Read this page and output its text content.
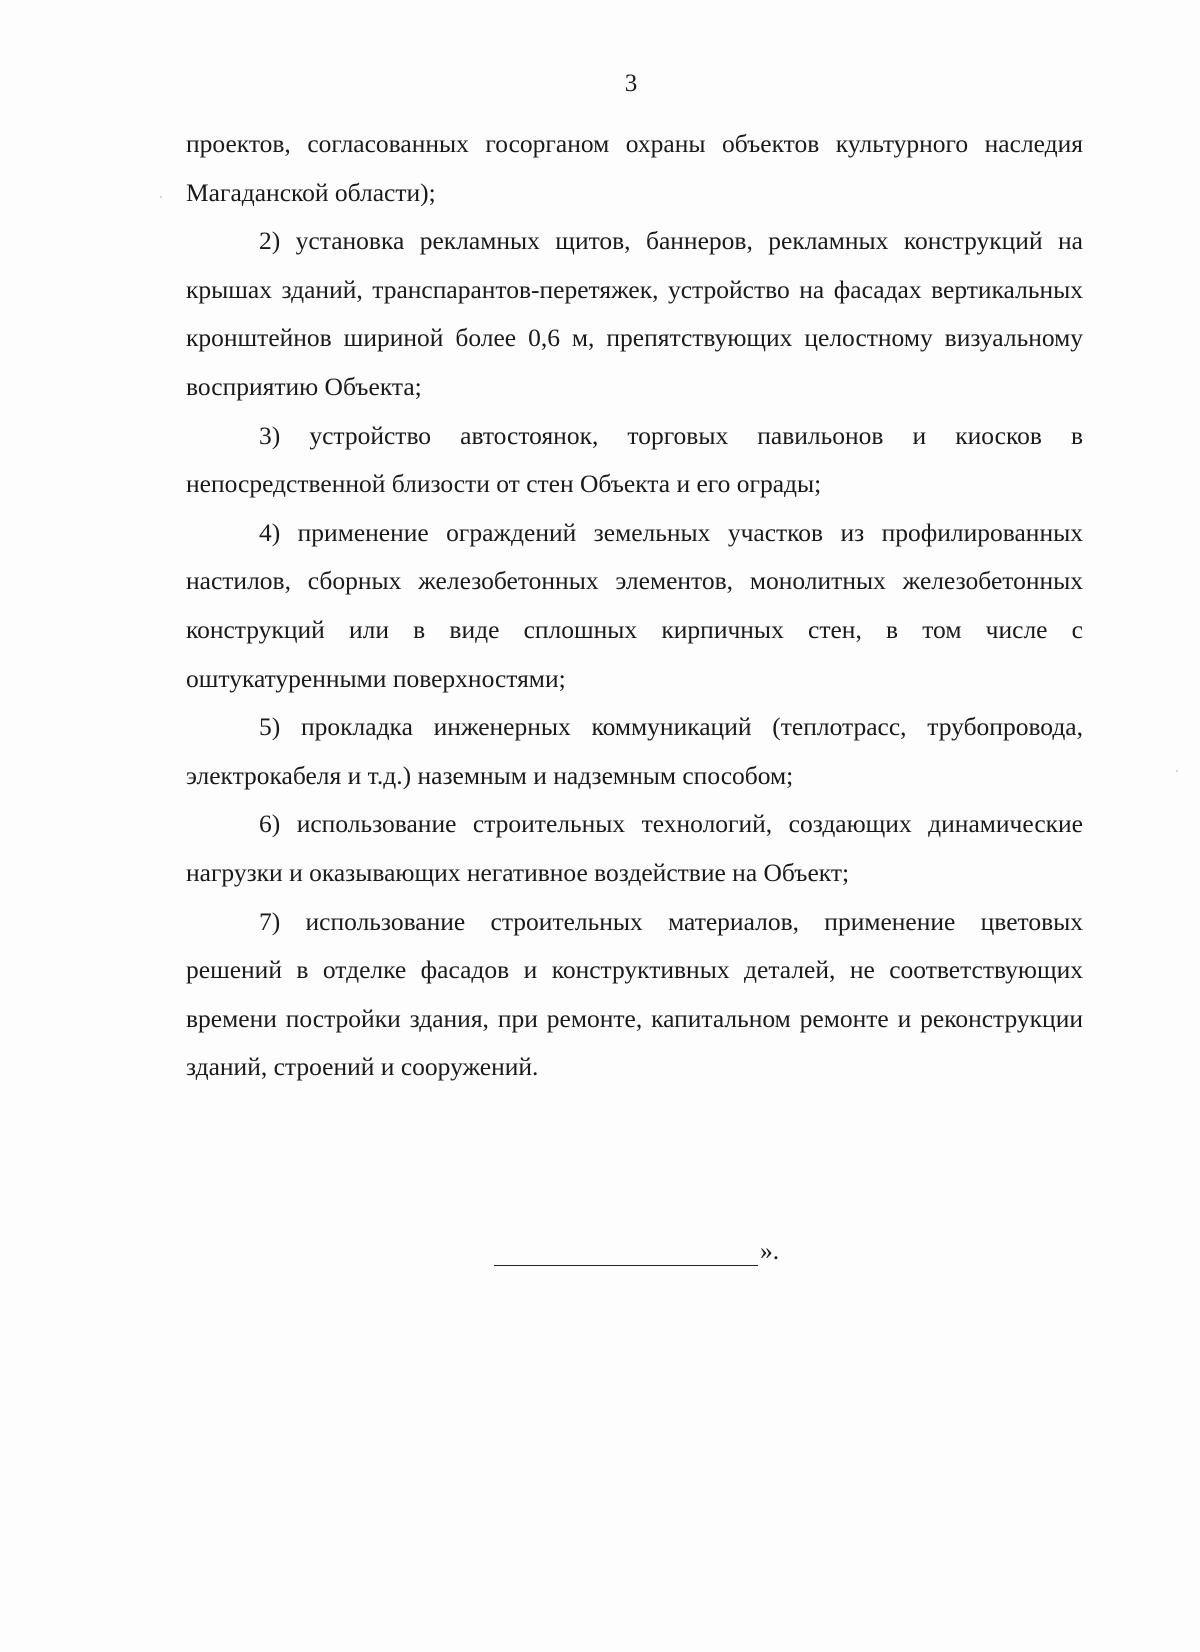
3

проектов, согласованных госорганом охраны объектов культурного наследия Магаданской области);

2) установка рекламных щитов, баннеров, рекламных конструкций на крышах зданий, транспарантов-перетяжек, устройство на фасадах вертикальных кронштейнов шириной более 0,6 м, препятствующих целостному визуальному восприятию Объекта;

3) устройство автостоянок, торговых павильонов и киосков в непосредственной близости от стен Объекта и его ограды;

4) применение ограждений земельных участков из профилированных настилов, сборных железобетонных элементов, монолитных железобетонных конструкций или в виде сплошных кирпичных стен, в том числе с оштукатуренными поверхностями;

5) прокладка инженерных коммуникаций (теплотрасс, трубопровода, электрокабеля и т.д.) наземным и надземным способом;

6) использование строительных технологий, создающих динамические нагрузки и оказывающих негативное воздействие на Объект;

7) использование строительных материалов, применение цветовых решений в отделке фасадов и конструктивных деталей, не соответствующих времени постройки здания, при ремонте, капитальном ремонте и реконструкции зданий, строений и сооружений.

».
